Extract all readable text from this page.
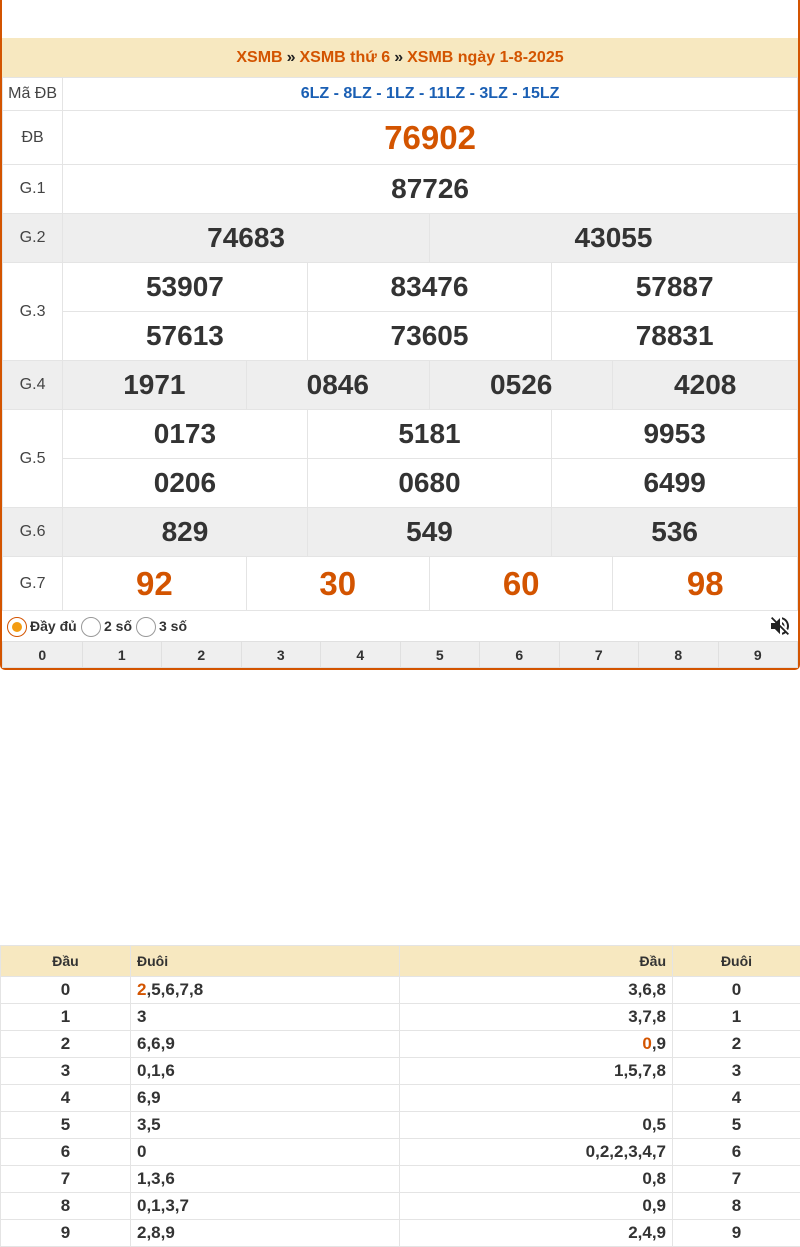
XSMB » XSMB thứ 6 » XSMB ngày 1-8-2025
Mã ĐB	6LZ - 8LZ - 1LZ - 11LZ - 3LZ - 15LZ					
ĐB	76902					
G.1	87726					
G.2	74683			43055		
G.3	53907		83476		57887	
	57613		73605		78831	
G.4	1971	0846		0526		4208
G.5	0173		5181		9953	
	0206		0680		6499	
G.6	829		549		536	
G.7	92	30		60		98
Đầy đủ	2 số	3 số
0	1	2	3	4	5	6	7	8	9
Đầu	Đuôi	Đầu	Đuôi
0	2,5,6,7,8	3,6,8	0
1	3	3,7,8	1
2	6,6,9	0,9	2
3	0,1,6	1,5,7,8	3
4	6,9		4
5	3,5	0,5	5
6	0	0,2,2,3,4,7	6
7	1,3,6	0,8	7
8	0,1,3,7	0,9	8
9	2,8,9	2,4,9	9
